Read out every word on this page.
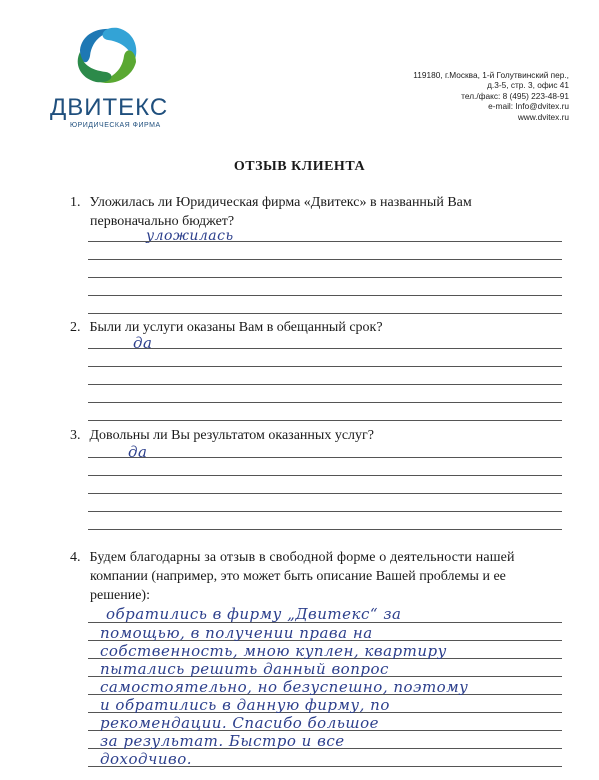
ДВИТЕКС
ЮРИДИЧЕСКАЯ ФИРМА
119180, г.Москва, 1-й Голутвинский пер.,
д.3-5, стр. 3, офис 41
тел./факс: 8 (495) 223-48-91
e-mail: Info@dvitex.ru
www.dvitex.ru
ОТЗЫВ КЛИЕНТА
1. Уложилась ли Юридическая фирма «Двитекс» в названный Вам
первоначально бюджет?
уложилась
2. Были ли услуги оказаны Вам в обещанный срок?
да
3. Довольны ли Вы результатом оказанных услуг?
да
4. Будем благодарны за отзыв в свободной форме о деятельности нашей
компании (например, это может быть описание Вашей проблемы и ее
решение):
обратились в фирму „Двитекс“ за
помощью, в получении права на
собственность, мною куплен, квартиру
пытались решить данный вопрос
самостоятельно, но безуспешно, поэтому
и обратились в данную фирму, по
рекомендации. Спасибо большое
за результат. Быстро и все
доходчиво.
